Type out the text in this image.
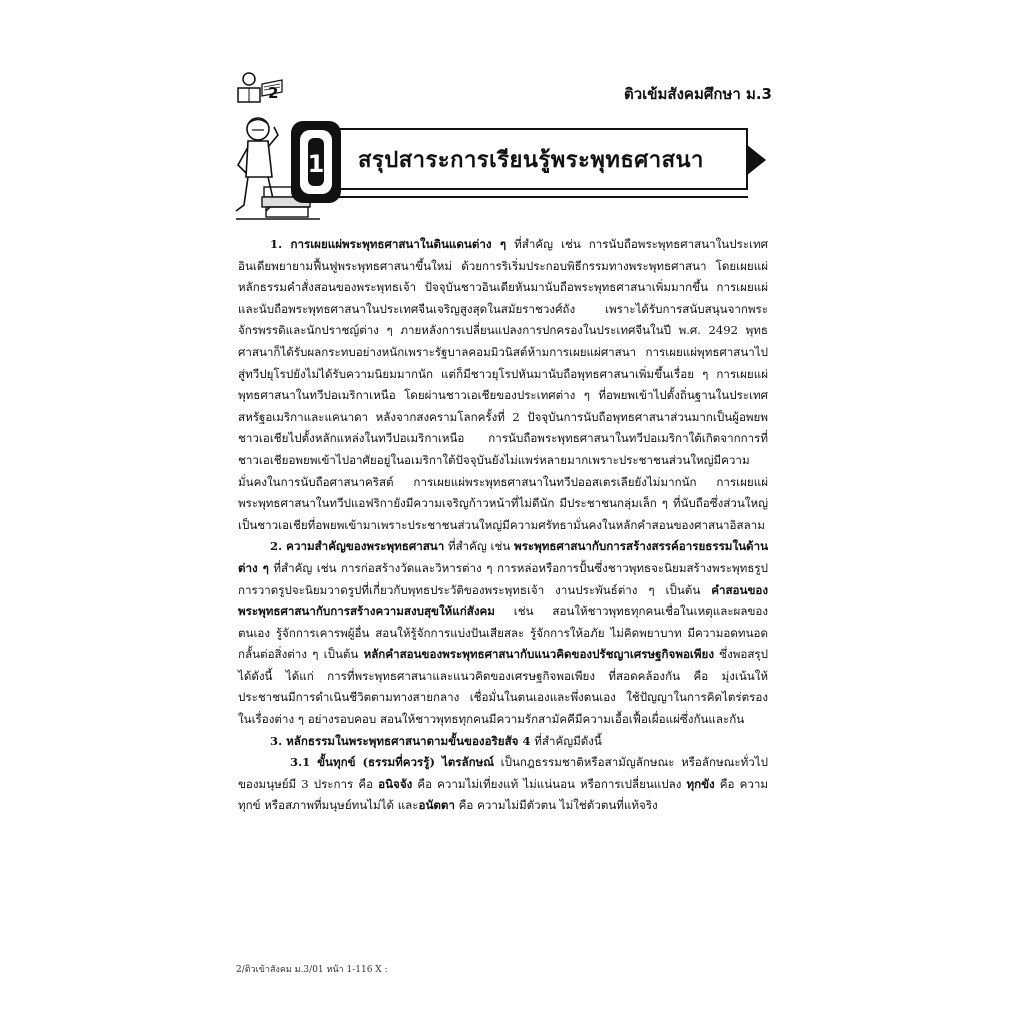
2	ติวเข้มสังคมศึกษา ม.3
1 สรุปสาระการเรียนรู้พระพุทธศาสนา

1. การเผยแผ่พระพุทธศาสนาในดินแดนต่าง ๆ ที่สำคัญ เช่น การนับถือพระพุทธศาสนาในประเทศอินเดียพยายามฟื้นฟูพระพุทธศาสนาขึ้นใหม่ ด้วยการริเริ่มประกอบพิธีกรรมทางพระพุทธศาสนา โดยเผยแผ่หลักธรรมคำสั่งสอนของพระพุทธเจ้า ปัจจุบันชาวอินเดียหันมานับถือพระพุทธศาสนาเพิ่มมากขึ้น การเผยแผ่และนับถือพระพุทธศาสนาในประเทศจีนเจริญสูงสุดในสมัยราชวงศ์ถัง เพราะได้รับการสนับสนุนจากพระจักรพรรดิและนักปราชญ์ต่าง ๆ ภายหลังการเปลี่ยนแปลงการปกครองในประเทศจีนในปี พ.ศ. 2492 พุทธศาสนาก็ได้รับผลกระทบอย่างหนักเพราะรัฐบาลคอมมิวนิสต์ห้ามการเผยแผ่ศาสนา การเผยแผ่พุทธศาสนาไปสู่ทวีปยุโรปยังไม่ได้รับความนิยมมากนัก แต่ก็มีชาวยุโรปหันมานับถือพุทธศาสนาเพิ่มขึ้นเรื่อย ๆ การเผยแผ่พุทธศาสนาในทวีปอเมริกาเหนือ โดยผ่านชาวเอเชียของประเทศต่าง ๆ ที่อพยพเข้าไปตั้งถิ่นฐานในประเทศสหรัฐอเมริกาและแคนาดา หลังจากสงครามโลกครั้งที่ 2 ปัจจุบันการนับถือพุทธศาสนาส่วนมากเป็นผู้อพยพชาวเอเชียไปตั้งหลักแหล่งในทวีปอเมริกาเหนือ การนับถือพระพุทธศาสนาในทวีปอเมริกาใต้เกิดจากการที่ชาวเอเชียอพยพเข้าไปอาศัยอยู่ในอเมริกาใต้ปัจจุบันยังไม่แพร่หลายมากเพราะประชาชนส่วนใหญ่มีความมั่นคงในการนับถือศาสนาคริสต์ การเผยแผ่พระพุทธศาสนาในทวีปออสเตรเลียยังไม่มากนัก การเผยแผ่พระพุทธศาสนาในทวีปแอฟริกายังมีความเจริญก้าวหน้าที่ไม่ดีนัก มีประชาชนกลุ่มเล็ก ๆ ที่นับถือซึ่งส่วนใหญ่เป็นชาวเอเชียที่อพยพเข้ามาเพราะประชาชนส่วนใหญ่มีความศรัทธามั่นคงในหลักคำสอนของศาสนาอิสลาม

2. ความสำคัญของพระพุทธศาสนา ที่สำคัญ เช่น พระพุทธศาสนากับการสร้างสรรค์อารยธรรมในด้านต่าง ๆ ที่สำคัญ เช่น การก่อสร้างวัดและวิหารต่าง ๆ การหล่อหรือการปั้นซึ่งชาวพุทธจะนิยมสร้างพระพุทธรูป การวาดรูปจะนิยมวาดรูปที่เกี่ยวกับพุทธประวัติของพระพุทธเจ้า งานประพันธ์ต่าง ๆ เป็นต้น คำสอนของพระพุทธศาสนากับการสร้างความสงบสุขให้แก่สังคม เช่น สอนให้ชาวพุทธทุกคนเชื่อในเหตุและผลของตนเอง รู้จักการเคารพผู้อื่น สอนให้รู้จักการแบ่งปันเสียสละ รู้จักการให้อภัย ไม่คิดพยาบาท มีความอดทนอดกลั้นต่อสิ่งต่าง ๆ เป็นต้น หลักคำสอนของพระพุทธศาสนากับแนวคิดของปรัชญาเศรษฐกิจพอเพียง ซึ่งพอสรุปได้ดังนี้ ได้แก่ การที่พระพุทธศาสนาและแนวคิดของเศรษฐกิจพอเพียง ที่สอดคล้องกัน คือ มุ่งเน้นให้ประชาชนมีการดำเนินชีวิตตามทางสายกลาง เชื่อมั่นในตนเองและพึ่งตนเอง ใช้ปัญญาในการคิดไตร่ตรองในเรื่องต่าง ๆ อย่างรอบคอบ สอนให้ชาวพุทธทุกคนมีความรักสามัคคีมีความเอื้อเฟื้อเผื่อแผ่ซึ่งกันและกัน

3. หลักธรรมในพระพุทธศาสนาตามขั้นของอริยสัจ 4 ที่สำคัญมีดังนี้

3.1 ขั้นทุกข์ (ธรรมที่ควรรู้) ไตรลักษณ์ เป็นกฎธรรมชาติหรือสามัญลักษณะ หรือลักษณะทั่วไปของมนุษย์มี 3 ประการ คือ อนิจจัง คือ ความไม่เที่ยงแท้ ไม่แน่นอน หรือการเปลี่ยนแปลง ทุกขัง คือ ความทุกข์ หรือสภาพที่มนุษย์ทนไม่ได้ และอนัตตา คือ ความไม่มีตัวตน ไม่ใช่ตัวตนที่แท้จริง

2/ติวเข้าสังคม ม.3/01 หน้า 1-116 X :
